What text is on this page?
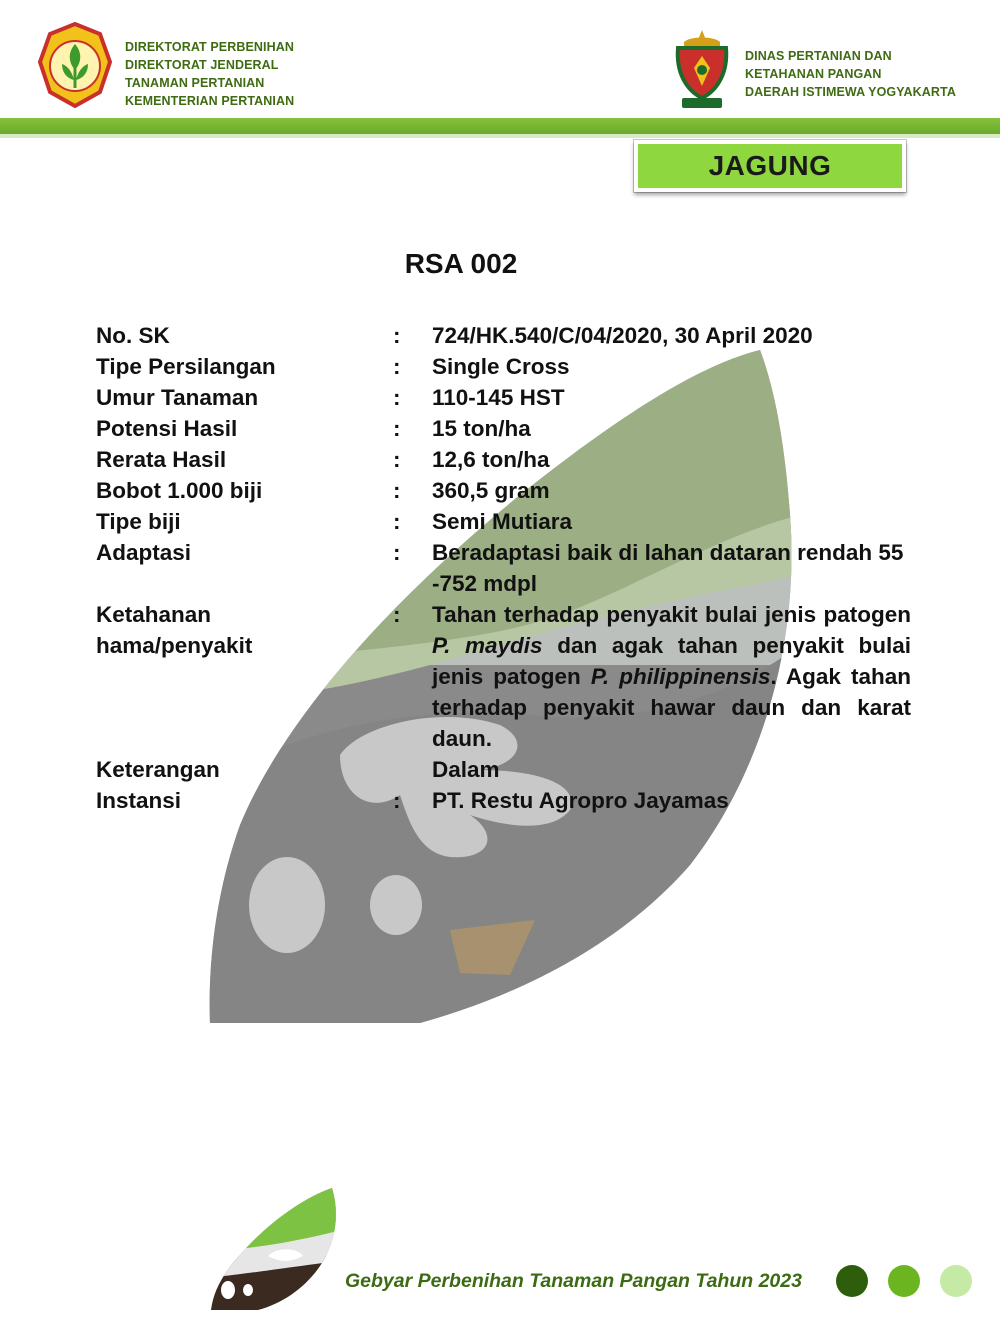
DIREKTORAT PERBENIHAN
DIREKTORAT JENDERAL
TANAMAN PERTANIAN
KEMENTERIAN PERTANIAN
DINAS PERTANIAN DAN
KETAHANAN PANGAN
DAERAH ISTIMEWA YOGYAKARTA
JAGUNG
RSA 002
No. SK	:	724/HK.540/C/04/2020, 30 April 2020
Tipe Persilangan	:	Single Cross
Umur Tanaman	:	110-145 HST
Potensi Hasil	:	15 ton/ha
Rerata Hasil	:	12,6 ton/ha
Bobot 1.000 biji	:	360,5 gram
Tipe biji	:	Semi Mutiara
Adaptasi	:	Beradaptasi baik di lahan dataran rendah 55
-752 mdpl

Ketahanan
hama/penyakit	:	Tahan terhadap penyakit bulai jenis patogen P. maydis dan agak tahan penyakit bulai jenis patogen P. philippinensis. Agak tahan terhadap penyakit hawar daun dan karat daun.
Keterangan		Dalam
Instansi	:	PT. Restu Agropro Jayamas
Gebyar Perbenihan Tanaman Pangan Tahun 2023
